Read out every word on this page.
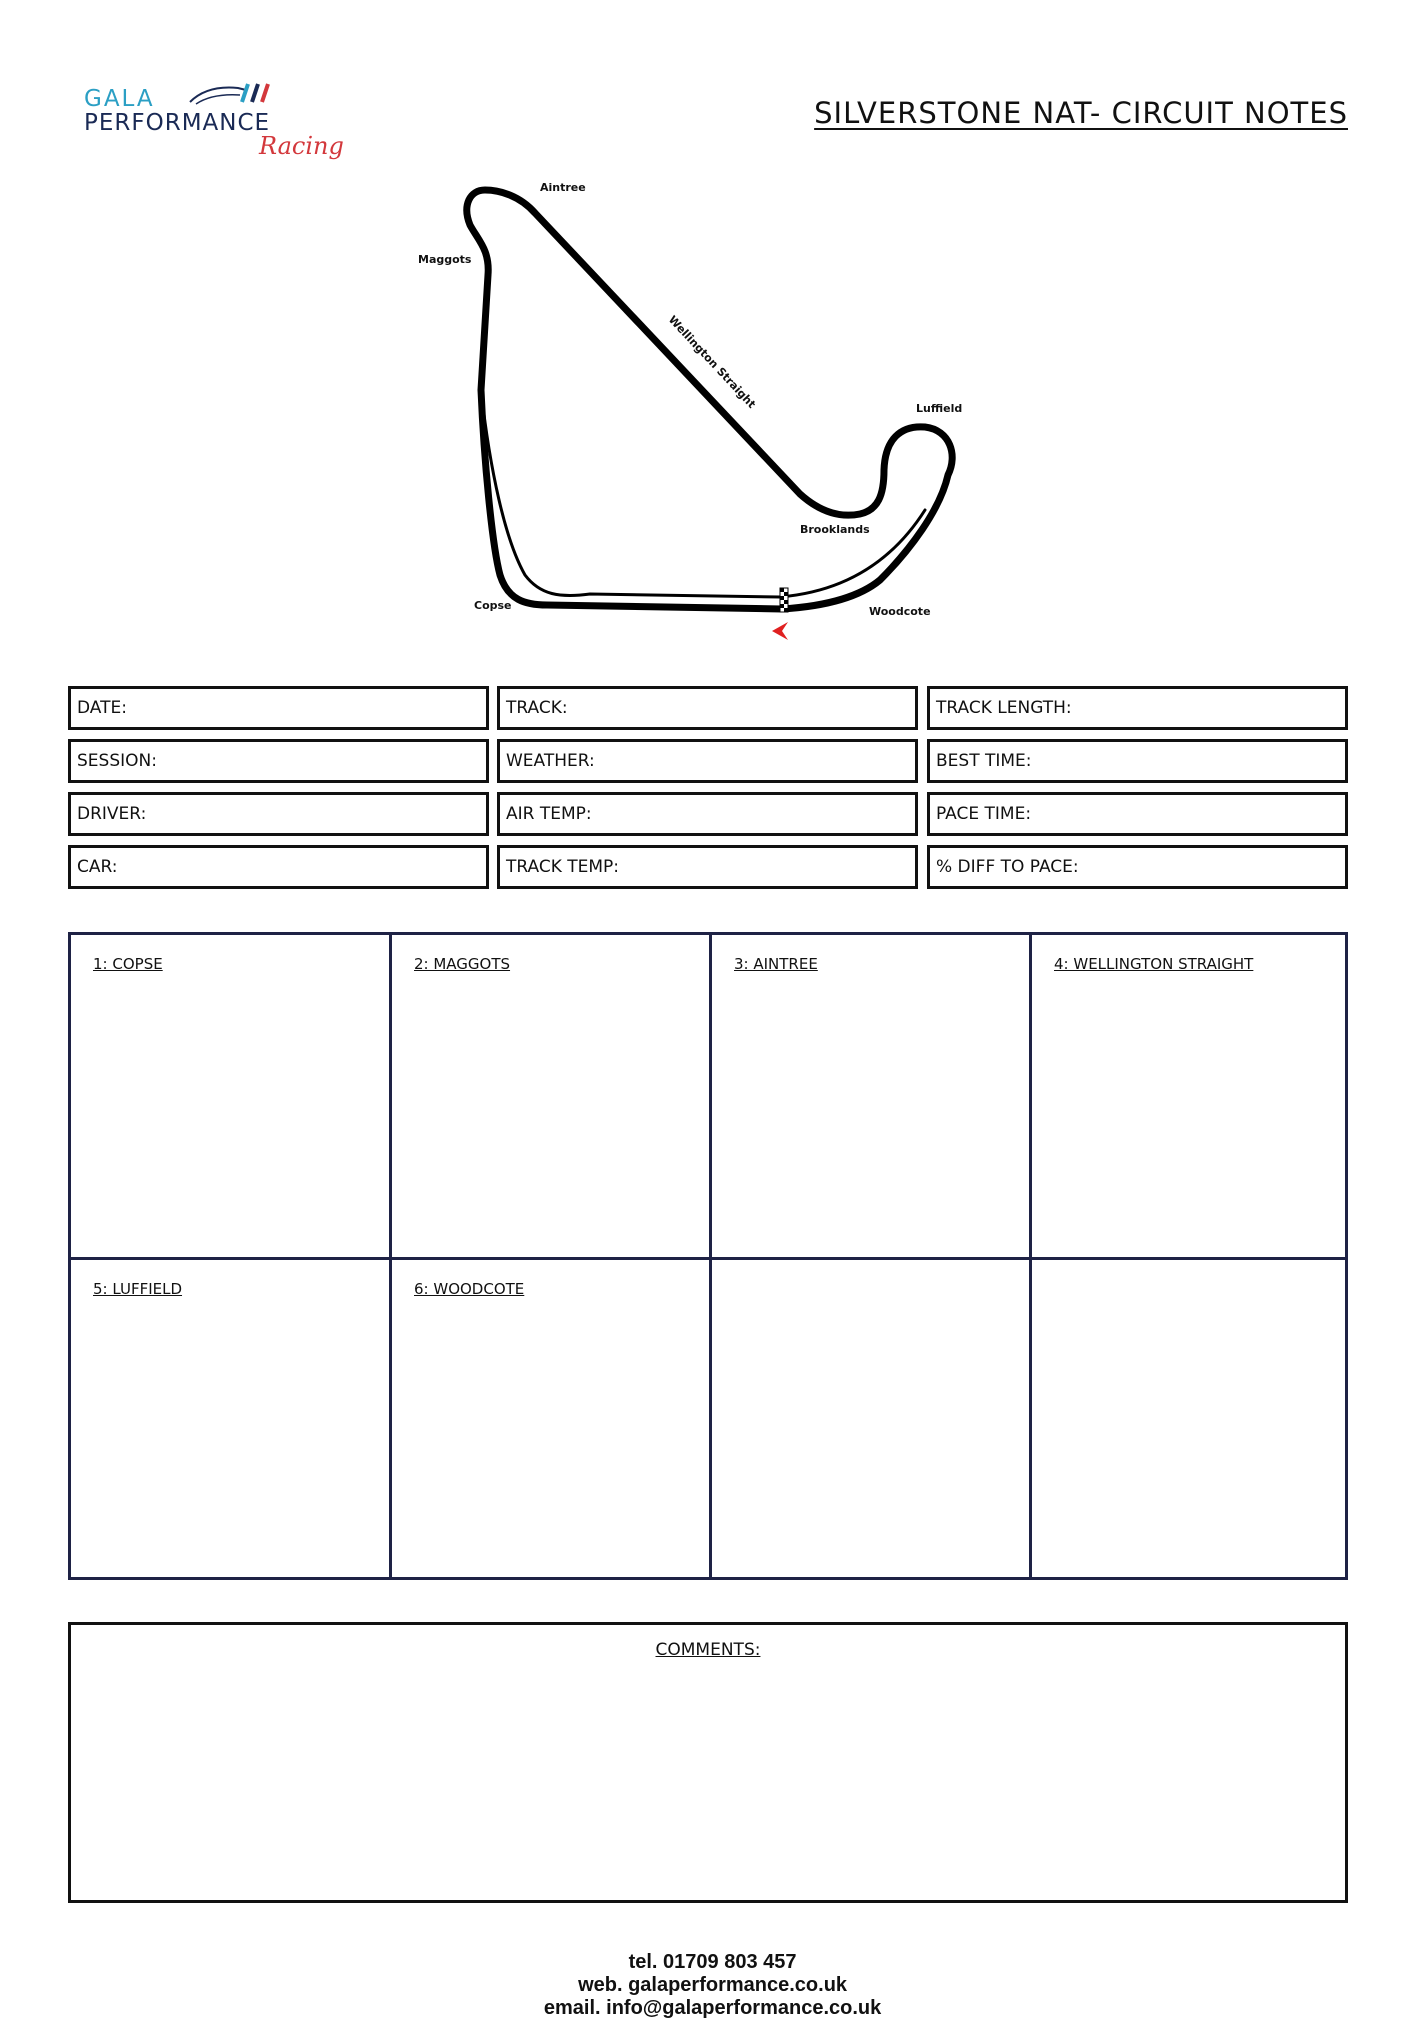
GALA
PERFORMANCE
Racing
SILVERSTONE NAT- CIRCUIT NOTES
Aintree
Maggots
Wellington Straight	Luffield
Brooklands
Copse	Woodcote
DATE:	TRACK:	TRACK LENGTH:
SESSION:	WEATHER:	BEST TIME:
DRIVER:	AIR TEMP:	PACE TIME:
CAR:	TRACK TEMP:	% DIFF TO PACE:
1: COPSE	2: MAGGOTS	3: AINTREE	4: WELLINGTON STRAIGHT
5: LUFFIELD	6: WOODCOTE
COMMENTS:

tel. 01709 803 457
web. galaperformance.co.uk
email. info@galaperformance.co.uk
